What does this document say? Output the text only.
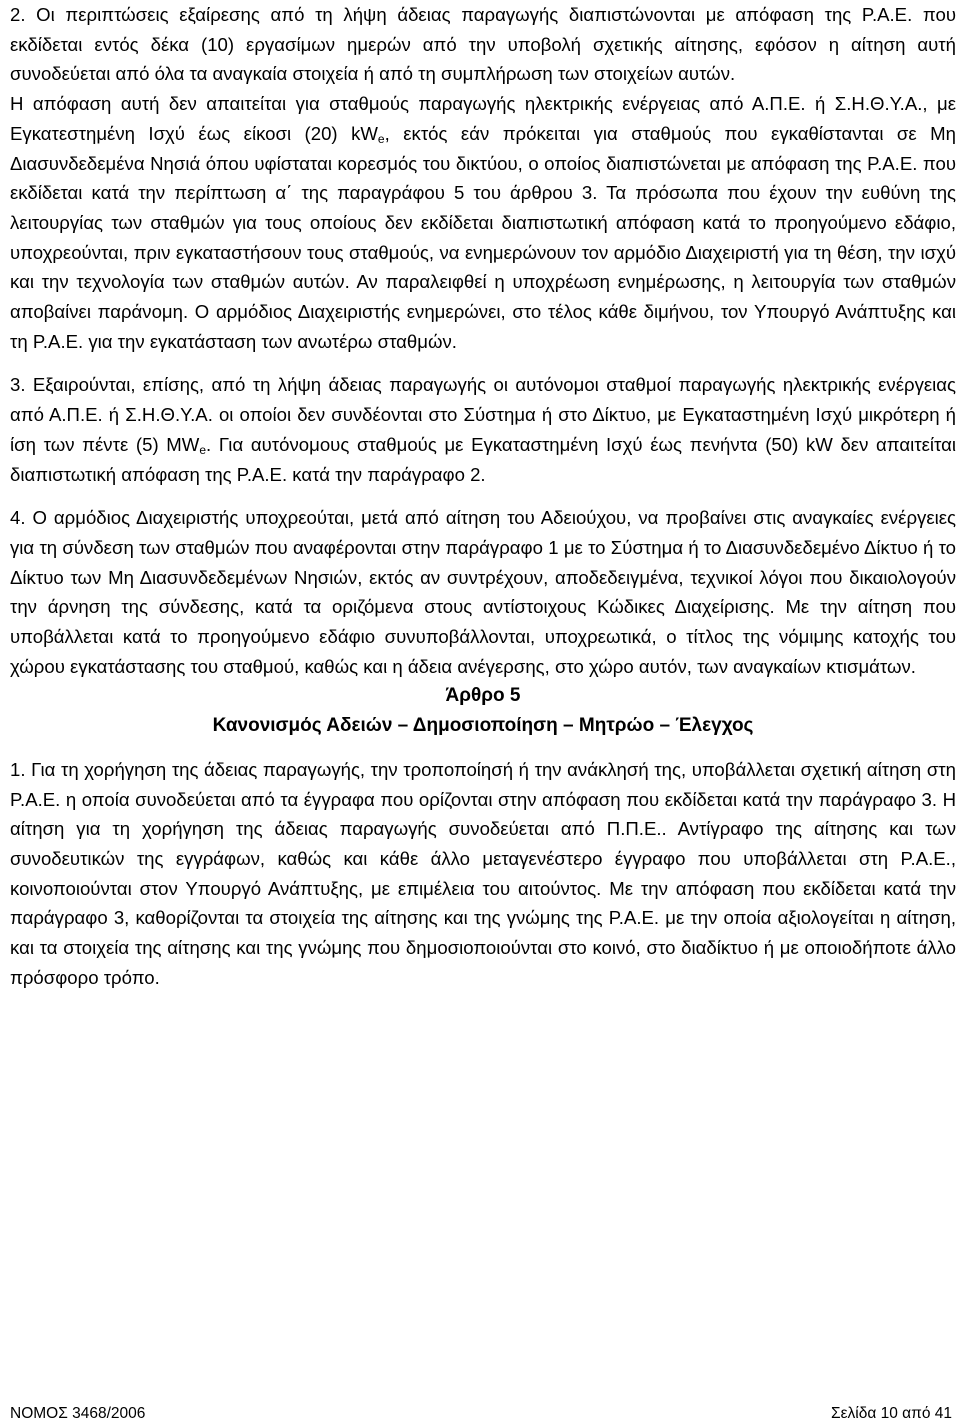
2. Οι περιπτώσεις εξαίρεσης από τη λήψη άδειας παραγωγής διαπιστώνονται με απόφαση της Ρ.Α.Ε. που εκδίδεται εντός δέκα (10) εργασίμων ημερών από την υποβολή σχετικής αίτησης, εφόσον η αίτηση αυτή συνοδεύεται από όλα τα αναγκαία στοιχεία ή από τη συμπλήρωση των στοιχείων αυτών.

Η απόφαση αυτή δεν απαιτείται για σταθμούς παραγωγής ηλεκτρικής ενέργειας από Α.Π.Ε. ή Σ.Η.Θ.Υ.Α., με Εγκατεστημένη Ισχύ έως είκοσι (20) $kW_e$, εκτός εάν πρόκειται για σταθμούς που εγκαθίστανται σε Μη Διασυνδεδεμένα Νησιά όπου υφίσταται κορεσμός του δικτύου, ο οποίος διαπιστώνεται με απόφαση της Ρ.Α.Ε. που εκδίδεται κατά την περίπτωση α΄ της παραγράφου 5 του άρθρου 3. Τα πρόσωπα που έχουν την ευθύνη της λειτουργίας των σταθμών για τους οποίους δεν εκδίδεται διαπιστωτική απόφαση κατά το προηγούμενο εδάφιο, υποχρεούνται, πριν εγκαταστήσουν τους σταθμούς, να ενημερώνουν τον αρμόδιο Διαχειριστή για τη θέση, την ισχύ και την τεχνολογία των σταθμών αυτών. Αν παραλειφθεί η υποχρέωση ενημέρωσης, η λειτουργία των σταθμών αποβαίνει παράνομη. Ο αρμόδιος Διαχειριστής ενημερώνει, στο τέλος κάθε διμήνου, τον Υπουργό Ανάπτυξης και τη Ρ.Α.Ε. για την εγκατάσταση των ανωτέρω σταθμών.

3. Εξαιρούνται, επίσης, από τη λήψη άδειας παραγωγής οι αυτόνομοι σταθμοί παραγωγής ηλεκτρικής ενέργειας από Α.Π.Ε. ή Σ.Η.Θ.Υ.Α. οι οποίοι δεν συνδέονται στο Σύστημα ή στο Δίκτυο, με Εγκαταστημένη Ισχύ μικρότερη ή ίση των πέντε (5) $MW_e$. Για αυτόνομους σταθμούς με Εγκαταστημένη Ισχύ έως πενήντα (50) kW δεν απαιτείται διαπιστωτική απόφαση της Ρ.Α.Ε. κατά την παράγραφο 2.

4. Ο αρμόδιος Διαχειριστής υποχρεούται, μετά από αίτηση του Αδειούχου, να προβαίνει στις αναγκαίες ενέργειες για τη σύνδεση των σταθμών που αναφέρονται στην παράγραφο 1 με το Σύστημα ή το Διασυνδεδεμένο Δίκτυο ή το Δίκτυο των Μη Διασυνδεδεμένων Νησιών, εκτός αν συντρέχουν, αποδεδειγμένα, τεχνικοί λόγοι που δικαιολογούν την άρνηση της σύνδεσης, κατά τα οριζόμενα στους αντίστοιχους Κώδικες Διαχείρισης. Με την αίτηση που υποβάλλεται κατά το προηγούμενο εδάφιο συνυποβάλλονται, υποχρεωτικά, ο τίτλος της νόμιμης κατοχής του χώρου εγκατάστασης του σταθμού, καθώς και η άδεια ανέγερσης, στο χώρο αυτόν, των αναγκαίων κτισμάτων.

Άρθρο 5

Κανονισμός Αδειών – Δημοσιοποίηση – Μητρώο – Έλεγχος

1. Για τη χορήγηση της άδειας παραγωγής, την τροποποίησή ή την ανάκλησή της, υποβάλλεται σχετική αίτηση στη Ρ.Α.Ε. η οποία συνοδεύεται από τα έγγραφα που ορίζονται στην απόφαση που εκδίδεται κατά την παράγραφο 3. Η αίτηση για τη χορήγηση της άδειας παραγωγής συνοδεύεται από Π.Π.Ε.. Αντίγραφο της αίτησης και των συνοδευτικών της εγγράφων, καθώς και κάθε άλλο μεταγενέστερο έγγραφο που υποβάλλεται στη Ρ.Α.Ε., κοινοποιούνται στον Υπουργό Ανάπτυξης, με επιμέλεια του αιτούντος. Με την απόφαση που εκδίδεται κατά την παράγραφο 3, καθορίζονται τα στοιχεία της αίτησης και της γνώμης της Ρ.Α.Ε. με την οποία αξιολογείται η αίτηση, και τα στοιχεία της αίτησης και της γνώμης που δημοσιοποιούνται στο κοινό, στο διαδίκτυο ή με οποιοδήποτε άλλο πρόσφορο τρόπο.

ΝΟΜΟΣ 3468/2006	Σελίδα 10 από 41
